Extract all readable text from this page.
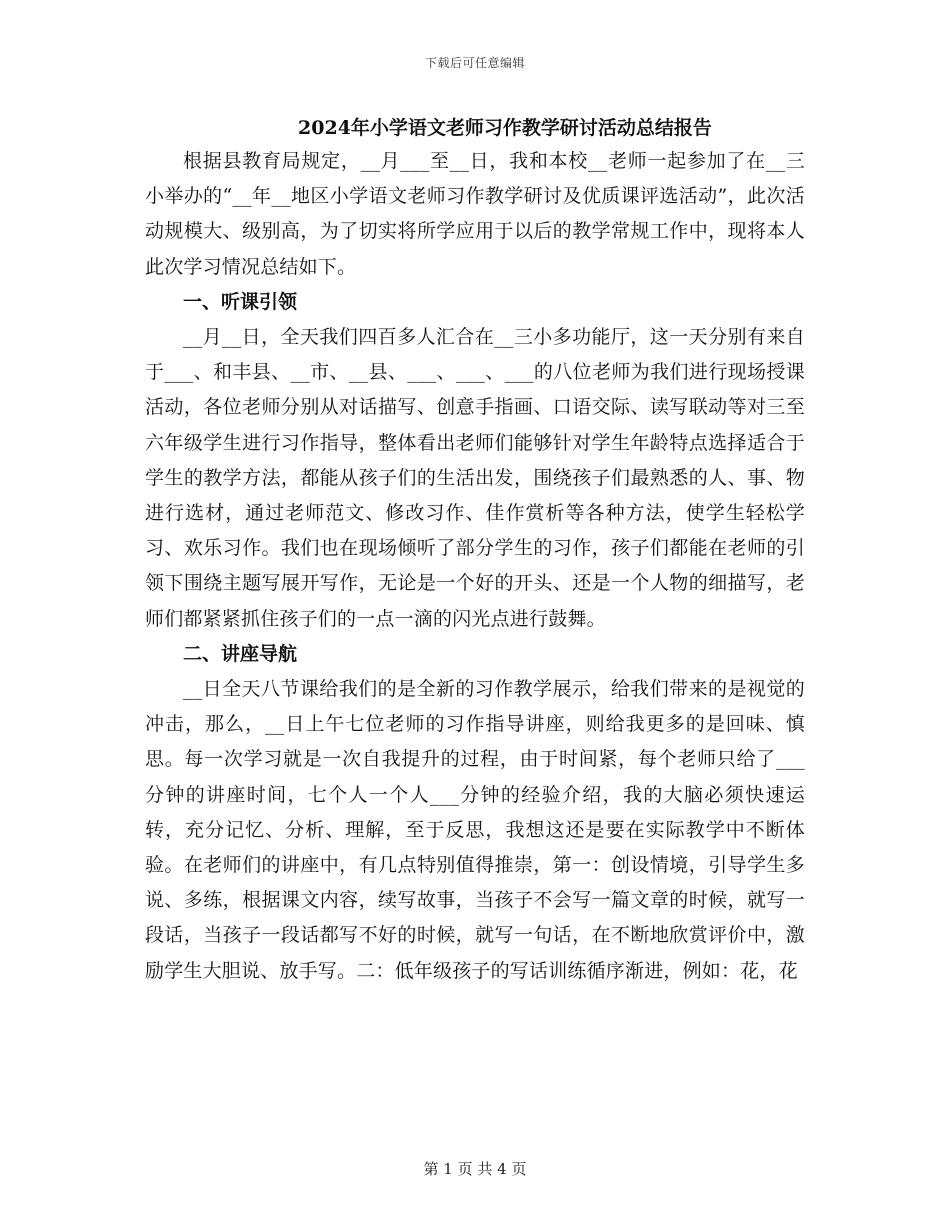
下载后可任意编辑
2024年小学语文老师习作教学研讨活动总结报告

根据县教育局规定，__月___至__日，我和本校__老师一起参加了在__三小举办的“__年__地区小学语文老师习作教学研讨及优质课评选活动”，此次活动规模大、级别高，为了切实将所学应用于以后的教学常规工作中，现将本人此次学习情况总结如下。

一、听课引领

__月__日，全天我们四百多人汇合在__三小多功能厅，这一天分别有来自于___、和丰县、__市、__县、___、___、___的八位老师为我们进行现场授课活动，各位老师分别从对话描写、创意手指画、口语交际、读写联动等对三至六年级学生进行习作指导，整体看出老师们能够针对学生年龄特点选择适合于学生的教学方法，都能从孩子们的生活出发，围绕孩子们最熟悉的人、事、物进行选材，通过老师范文、修改习作、佳作赏析等各种方法，使学生轻松学习、欢乐习作。我们也在现场倾听了部分学生的习作，孩子们都能在老师的引领下围绕主题写展开写作，无论是一个好的开头、还是一个人物的细描写，老师们都紧紧抓住孩子们的一点一滴的闪光点进行鼓舞。

二、讲座导航

__日全天八节课给我们的是全新的习作教学展示，给我们带来的是视觉的冲击，那么，__日上午七位老师的习作指导讲座，则给我更多的是回味、慎思。每一次学习就是一次自我提升的过程，由于时间紧，每个老师只给了___分钟的讲座时间，七个人一个人___分钟的经验介绍，我的大脑必须快速运转，充分记忆、分析、理解，至于反思，我想这还是要在实际教学中不断体验。在老师们的讲座中，有几点特别值得推崇，第一：创设情境，引导学生多说、多练，根据课文内容，续写故事，当孩子不会写一篇文章的时候，就写一段话，当孩子一段话都写不好的时候，就写一句话，在不断地欣赏评价中，激励学生大胆说、放手写。二：低年级孩子的写话训练循序渐进，例如：花，花

第 1 页 共 4 页
